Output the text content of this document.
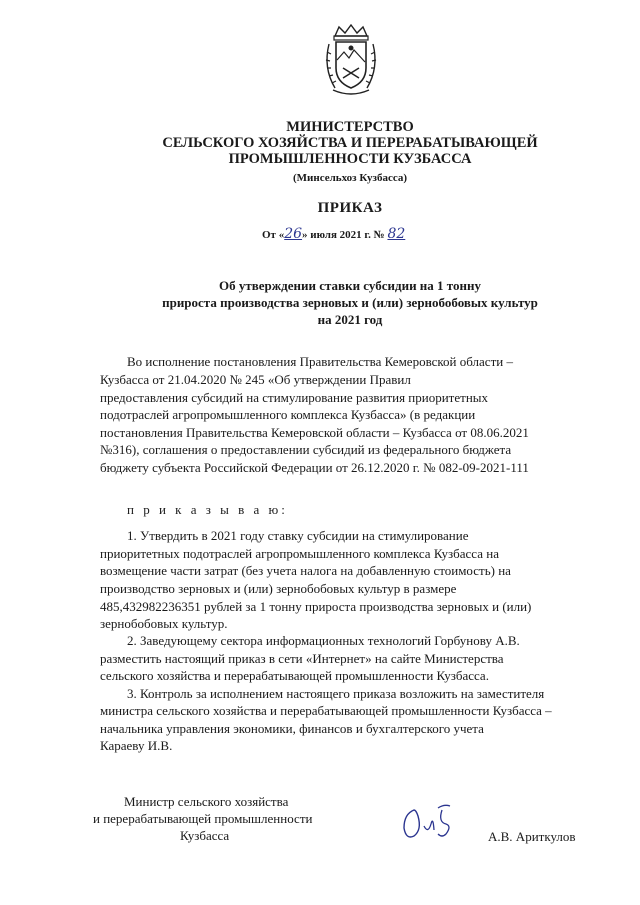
МИНИСТЕРСТВО
СЕЛЬСКОГО ХОЗЯЙСТВА И ПЕРЕРАБАТЫВАЮЩЕЙ
ПРОМЫШЛЕННОСТИ КУЗБАССА
(Минсельхоз Кузбасса)
ПРИКАЗ
От «26» июля 2021 г. № 82
Об утверждении ставки субсидии на 1 тонну
прироста производства зерновых и (или) зернобобовых культур
на 2021 год
Во исполнение постановления Правительства Кемеровской области –
Кузбасса от 21.04.2020 № 245 «Об утверждении Правил
предоставления субсидий на стимулирование развития приоритетных
подотраслей агропромышленного комплекса Кузбасса» (в редакции
постановления Правительства Кемеровской области – Кузбасса от 08.06.2021
№316), соглашения о предоставлении субсидий из федерального бюджета
бюджету субъекта Российской Федерации от 26.12.2020 г. № 082-09-2021-111
п р и к а з ы в а ю:
1. Утвердить в 2021 году ставку субсидии на стимулирование
приоритетных подотраслей агропромышленного комплекса Кузбасса на
возмещение части затрат (без учета налога на добавленную стоимость) на
производство зерновых и (или) зернобобовых культур в размере
485,432982236351 рублей за 1 тонну прироста производства зерновых и (или)
зернобобовых культур.
2. Заведующему сектора информационных технологий Горбунову А.В.
разместить настоящий приказ в сети «Интернет» на сайте Министерства
сельского хозяйства и перерабатывающей промышленности Кузбасса.
3. Контроль за исполнением настоящего приказа возложить на заместителя
министра сельского хозяйства и перерабатывающей промышленности Кузбасса –
начальника управления экономики, финансов и бухгалтерского учета
Караеву И.В.
Министр сельского хозяйства
и перерабатывающей промышленности
Кузбасса	А.В. Ариткулов
